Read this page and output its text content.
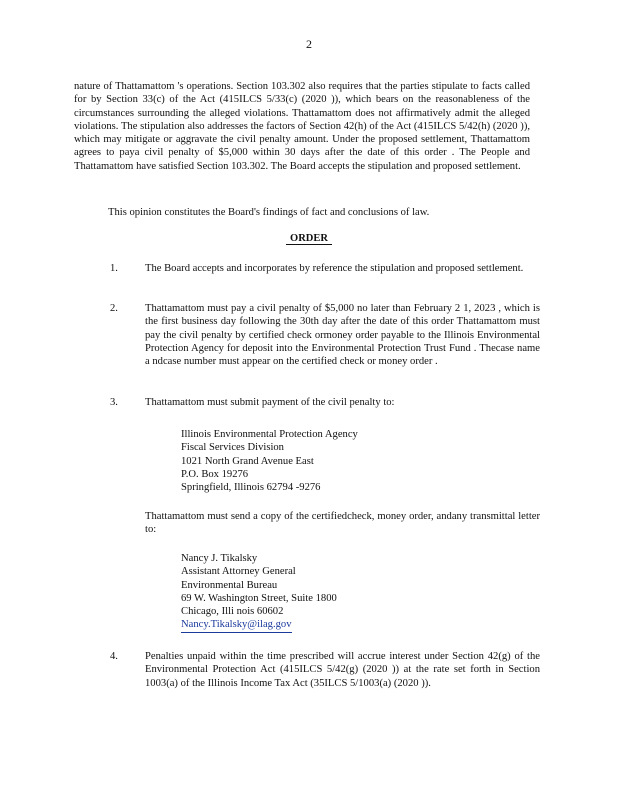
2

nature of Thattamattom 's operations. Section 103.302 also requires that the parties stipulate to facts called for by Section 33(c) of the Act (415ILCS 5/33(c) (2020 )), which bears on the reasonableness of the circumstances surrounding the alleged violations. Thattamattom does not affirmatively admit the alleged violations. The stipulation also addresses the factors of Section 42(h) of the Act (415ILCS 5/42(h) (2020 )), which may mitigate or aggravate the civil penalty amount. Under the proposed settlement, Thattamattom agrees to paya civil penalty of $5,000 within 30 days after the date of this order . The People and Thattamattom have satisfied Section 103.302. The Board accepts the stipulation and proposed settlement.

This opinion constitutes the Board's findings of fact and conclusions of law.

ORDER
1.	The Board accepts and incorporates by reference the stipulation and proposed settlement.

2.	Thattamattom must pay a civil penalty of $5,000 no later than February 2 1, 2023 , which is the first business day following the 30th day after the date of this order Thattamattom must pay the civil penalty by certified check ormoney order payable to the Illinois Environmental Protection Agency for deposit into the Environmental Protection Trust Fund . Thecase name a ndcase number must appear on the certified check or money order .

3.	Thattamattom must submit payment of the civil penalty to:

Illinois Environmental Protection Agency
Fiscal Services Division
1021 North Grand Avenue East
P.O. Box 19276
Springfield, Illinois 62794 -9276

Thattamattom must send a copy of the certifiedcheck, money order, andany transmittal letter to:

Nancy J. Tikalsky
Assistant Attorney General
Environmental Bureau
69 W. Washington Street, Suite 1800
Chicago, Illi nois 60602
Nancy.Tikalsky@ilag.gov
4.	Penalties unpaid within the time prescribed will accrue interest under Section 42(g) of the Environmental Protection Act (415ILCS 5/42(g) (2020 )) at the rate set forth in Section 1003(a) of the Illinois Income Tax Act (35ILCS 5/1003(a) (2020 )).
